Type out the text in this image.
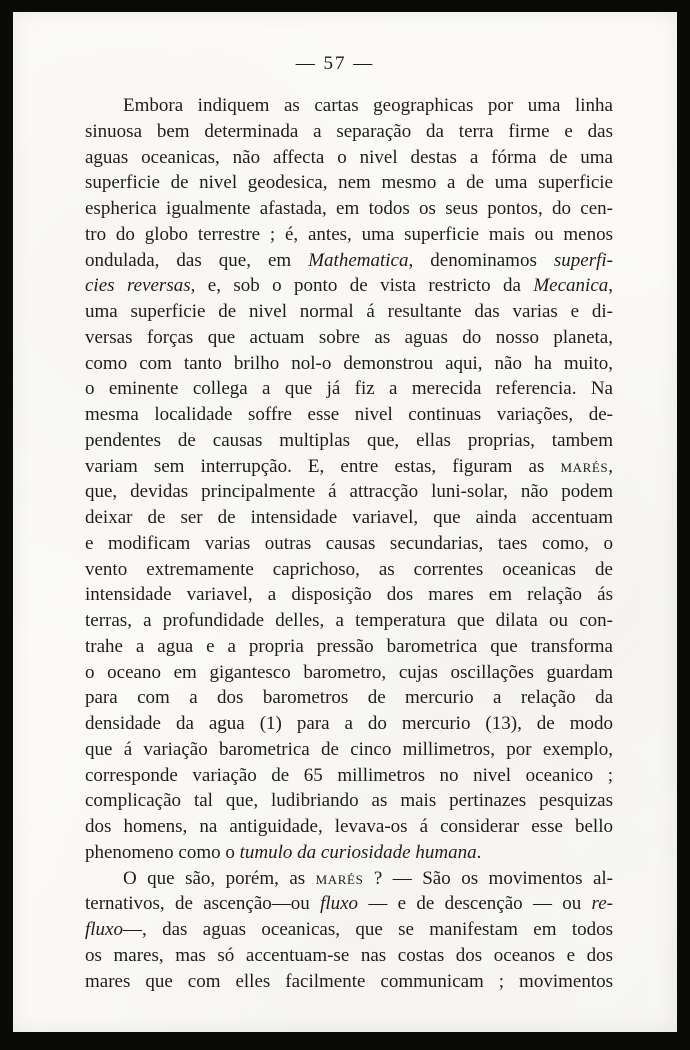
— 57 —
Embora indiquem as cartas geographicas por uma linha
sinuosa bem determinada a separação da terra firme e das
aguas oceanicas, não affecta o nivel destas a fórma de uma
superficie de nivel geodesica, nem mesmo a de uma superficie
espherica igualmente afastada, em todos os seus pontos, do cen-
tro do globo terrestre ; é, antes, uma superficie mais ou menos
ondulada, das que, em Mathematica, denominamos superfi-
cies reversas, e, sob o ponto de vista restricto da Mecanica,
uma superficie de nivel normal á resultante das varias e di-
versas forças que actuam sobre as aguas do nosso planeta,
como com tanto brilho nol-o demonstrou aqui, não ha muito,
o eminente collega a que já fiz a merecida referencia. Na
mesma localidade soffre esse nivel continuas variações, de-
pendentes de causas multiplas que, ellas proprias, tambem
variam sem interrupção. E, entre estas, figuram as marés,
que, devidas principalmente á attracção luni-solar, não podem
deixar de ser de intensidade variavel, que ainda accentuam
e modificam varias outras causas secundarias, taes como, o
vento extremamente caprichoso, as correntes oceanicas de
intensidade variavel, a disposição dos mares em relação ás
terras, a profundidade delles, a temperatura que dilata ou con-
trahe a agua e a propria pressão barometrica que transforma
o oceano em gigantesco barometro, cujas oscillações guardam
para com a dos barometros de mercurio a relação da
densidade da agua (1) para a do mercurio (13), de modo
que á variação barometrica de cinco millimetros, por exemplo,
corresponde variação de 65 millimetros no nivel oceanico ;
complicação tal que, ludibriando as mais pertinazes pesquizas
dos homens, na antiguidade, levava-os á considerar esse bello
phenomeno como o tumulo da curiosidade humana.
O que são, porém, as marés ? — São os movimentos al-
ternativos, de ascenção—ou fluxo — e de descenção — ou re-
fluxo—, das aguas oceanicas, que se manifestam em todos
os mares, mas só accentuam-se nas costas dos oceanos e dos
mares que com elles facilmente communicam ; movimentos
